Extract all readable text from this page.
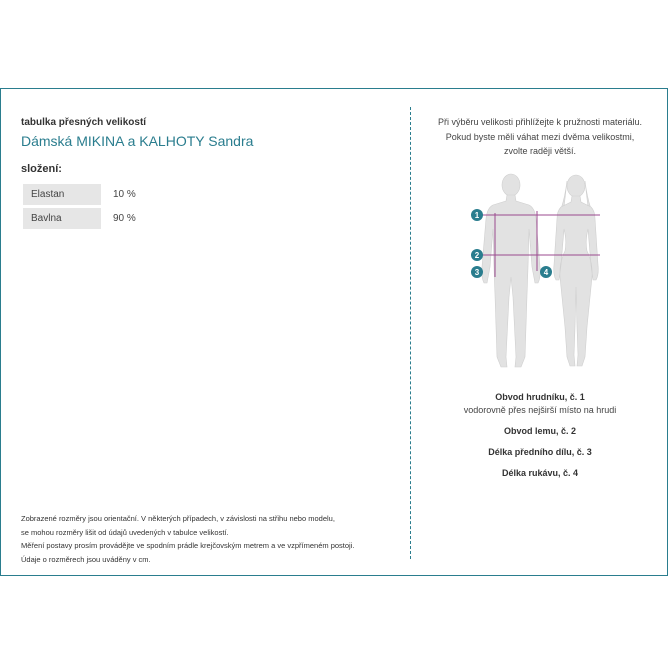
tabulka přesných velikostí
Dámská MIKINA a KALHOTY Sandra
složení:
Elastan	10 %
Bavlna	90 %
Zobrazené rozměry jsou orientační. V některých případech, v závislosti na střihu nebo modelu,
se mohou rozměry lišit od údajů uvedených v tabulce velikostí.
Měření postavy prosím provádějte ve spodním prádle krejčovským metrem a ve vzpřímeném postoji.
Údaje o rozměrech jsou uváděny v cm.
Při výběru velikosti přihlížejte k pružnosti materiálu.
Pokud byste měli váhat mezi dvěma velikostmi,
zvolte raději větší.
1
2
3	4
Obvod hrudníku, č. 1
vodorovně přes nejširší místo na hrudi
Obvod lemu, č. 2
Délka předního dílu, č. 3
Délka rukávu, č. 4
